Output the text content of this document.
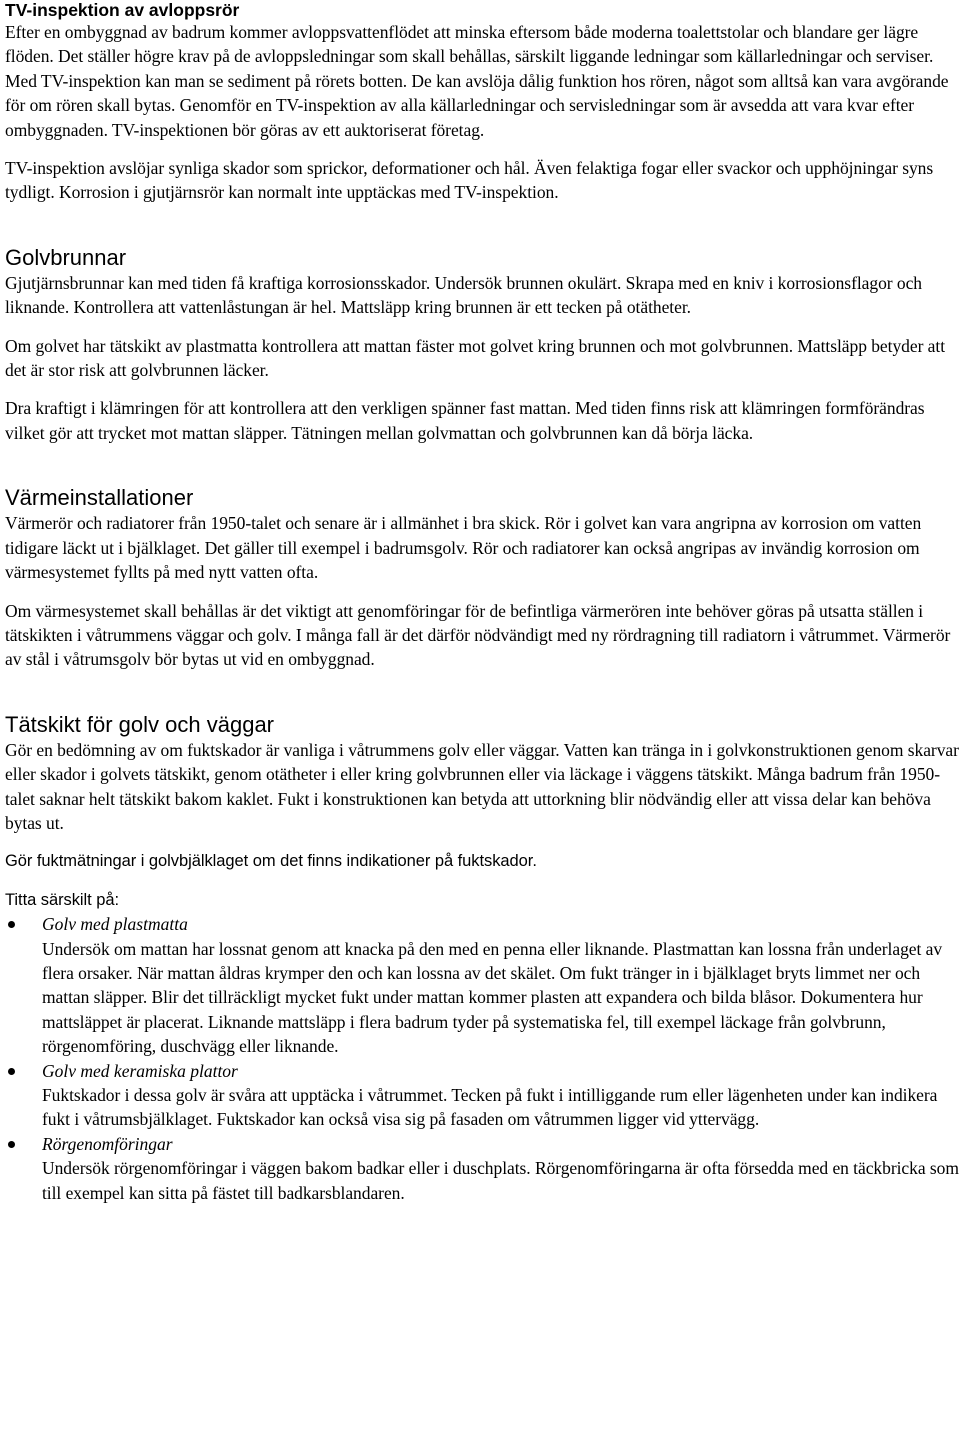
TV-inspektion av avloppsrör

Efter en ombyggnad av badrum kommer avloppsvattenflödet att minska eftersom både moderna toalettstolar och blandare ger lägre flöden. Det ställer högre krav på de avloppsledningar som skall behållas, särskilt liggande ledningar som källarledningar och serviser. Med TV-inspektion kan man se sediment på rörets botten. De kan avslöja dålig funktion hos rören, något som alltså kan vara avgörande för om rören skall bytas. Genomför en TV-inspektion av alla källarledningar och servisledningar som är avsedda att vara kvar efter ombyggnaden. TV-inspektionen bör göras av ett auktoriserat företag.

TV-inspektion avslöjar synliga skador som sprickor, deformationer och hål. Även felaktiga fogar eller svackor och upphöjningar syns tydligt. Korrosion i gjutjärnsrör kan normalt inte upptäckas med TV-inspektion.

Golvbrunnar

Gjutjärnsbrunnar kan med tiden få kraftiga korrosionsskador. Undersök brunnen okulärt. Skrapa med en kniv i korrosionsflagor och liknande. Kontrollera att vattenlåstungan är hel. Mattsläpp kring brunnen är ett tecken på otätheter.

Om golvet har tätskikt av plastmatta kontrollera att mattan fäster mot golvet kring brunnen och mot golvbrunnen. Mattsläpp betyder att det är stor risk att golvbrunnen läcker.

Dra kraftigt i klämringen för att kontrollera att den verkligen spänner fast mattan. Med tiden finns risk att klämringen formförändras vilket gör att trycket mot mattan släpper. Tätningen mellan golvmattan och golvbrunnen kan då börja läcka.

Värmeinstallationer

Värmerör och radiatorer från 1950-talet och senare är i allmänhet i bra skick. Rör i golvet kan vara angripna av korrosion om vatten tidigare läckt ut i bjälklaget. Det gäller till exempel i badrumsgolv. Rör och radiatorer kan också angripas av invändig korrosion om värmesystemet fyllts på med nytt vatten ofta.

Om värmesystemet skall behållas är det viktigt att genomföringar för de befintliga värmerören inte behöver göras på utsatta ställen i tätskikten i våtrummens väggar och golv. I många fall är det därför nödvändigt med ny rördragning till radiatorn i våtrummet. Värmerör av stål i våtrumsgolv bör bytas ut vid en ombyggnad.

Tätskikt för golv och väggar

Gör en bedömning av om fuktskador är vanliga i våtrummens golv eller väggar. Vatten kan tränga in i golvkonstruktionen genom skarvar eller skador i golvets tätskikt, genom otätheter i eller kring golvbrunnen eller via läckage i väggens tätskikt. Många badrum från 1950-talet saknar helt tätskikt bakom kaklet. Fukt i konstruktionen kan betyda att uttorkning blir nödvändig eller att vissa delar kan behöva bytas ut.

Gör fuktmätningar i golvbjälklaget om det finns indikationer på fuktskador.

Titta särskilt på:

Golv med plastmatta

Undersök om mattan har lossnat genom att knacka på den med en penna eller liknande. Plastmattan kan lossna från underlaget av flera orsaker. När mattan åldras krymper den och kan lossna av det skälet. Om fukt tränger in i bjälklaget bryts limmet ner och mattan släpper. Blir det tillräckligt mycket fukt under mattan kommer plasten att expandera och bilda blåsor. Dokumentera hur mattsläppet är placerat. Liknande mattsläpp i flera badrum tyder på systematiska fel, till exempel läckage från golvbrunn, rörgenomföring, duschvägg eller liknande.

Golv med keramiska plattor

Fuktskador i dessa golv är svåra att upptäcka i våtrummet. Tecken på fukt i intilliggande rum eller lägenheten under kan indikera fukt i våtrumsbjälklaget. Fuktskador kan också visa sig på fasaden om våtrummen ligger vid yttervägg.

Rörgenomföringar

Undersök rörgenomföringar i väggen bakom badkar eller i duschplats. Rörgenomföringarna är ofta försedda med en täckbricka som till exempel kan sitta på fästet till badkarsblandaren.
